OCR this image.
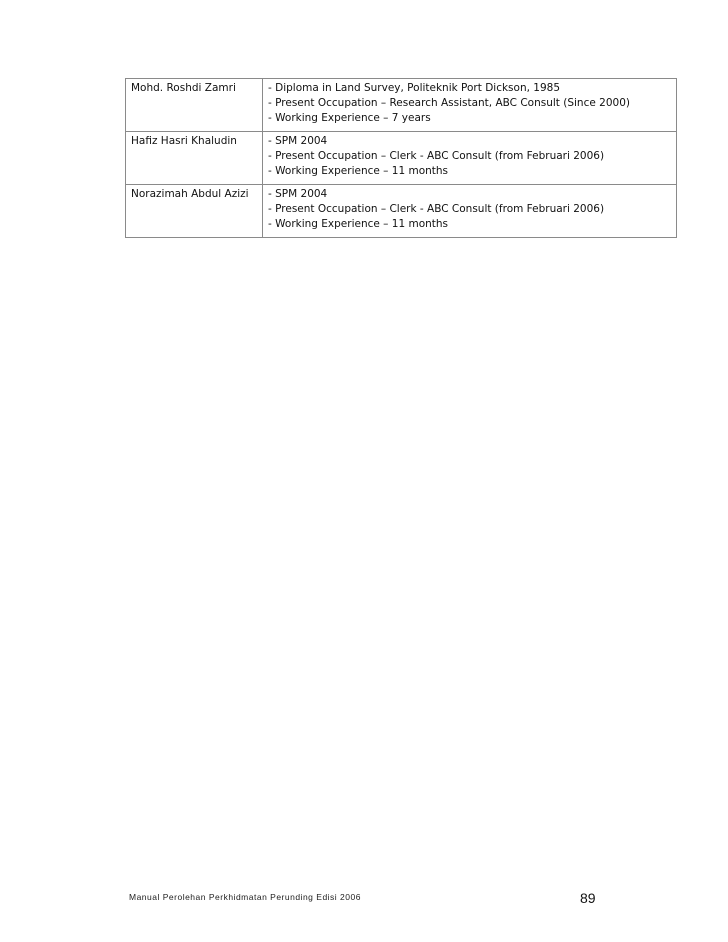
Mohd. Roshdi Zamri	- Diploma in Land Survey, Politeknik Port Dickson, 1985
- Present Occupation – Research Assistant, ABC Consult (Since 2000)
- Working Experience – 7 years

Hafiz Hasri Khaludin	- SPM 2004
- Present Occupation – Clerk - ABC Consult (from Februari 2006)
- Working Experience – 11 months

Norazimah Abdul Azizi	- SPM 2004
- Present Occupation – Clerk - ABC Consult (from Februari 2006)
- Working Experience – 11 months
Manual Perolehan Perkhidmatan Perunding Edisi 2006	89
